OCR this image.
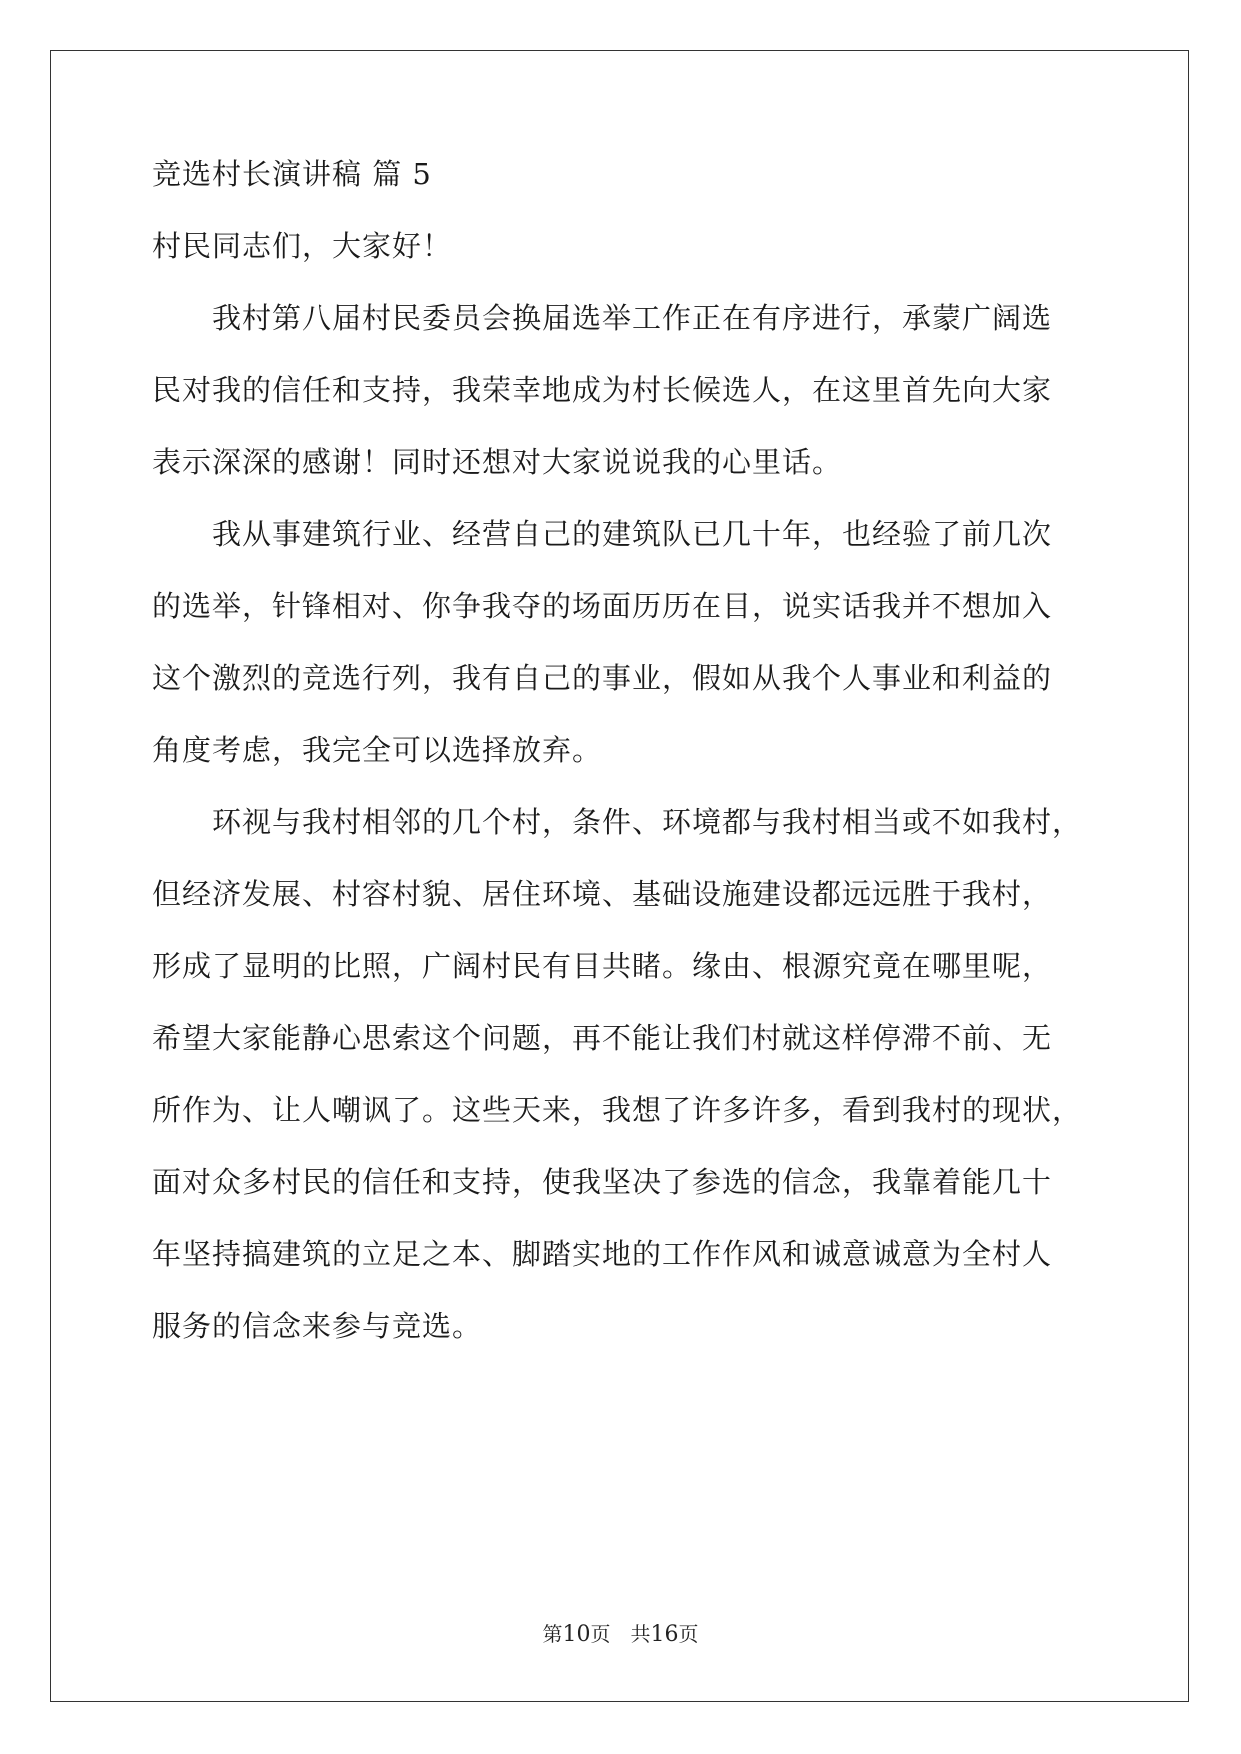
竞选村长演讲稿 篇 5
村民同志们，大家好！
　　我村第八届村民委员会换届选举工作正在有序进行，承蒙广阔选
民对我的信任和支持，我荣幸地成为村长候选人，在这里首先向大家
表示深深的感谢！同时还想对大家说说我的心里话。
　　我从事建筑行业、经营自己的建筑队已几十年，也经验了前几次
的选举，针锋相对、你争我夺的场面历历在目，说实话我并不想加入
这个激烈的竞选行列，我有自己的事业，假如从我个人事业和利益的
角度考虑，我完全可以选择放弃。
　　环视与我村相邻的几个村，条件、环境都与我村相当或不如我村，
但经济发展、村容村貌、居住环境、基础设施建设都远远胜于我村，
形成了显明的比照，广阔村民有目共睹。缘由、根源究竟在哪里呢，
希望大家能静心思索这个问题，再不能让我们村就这样停滞不前、无
所作为、让人嘲讽了。这些天来，我想了许多许多，看到我村的现状，
面对众多村民的信任和支持，使我坚决了参选的信念，我靠着能几十
年坚持搞建筑的立足之本、脚踏实地的工作作风和诚意诚意为全村人
服务的信念来参与竞选。
第10页　共16页
